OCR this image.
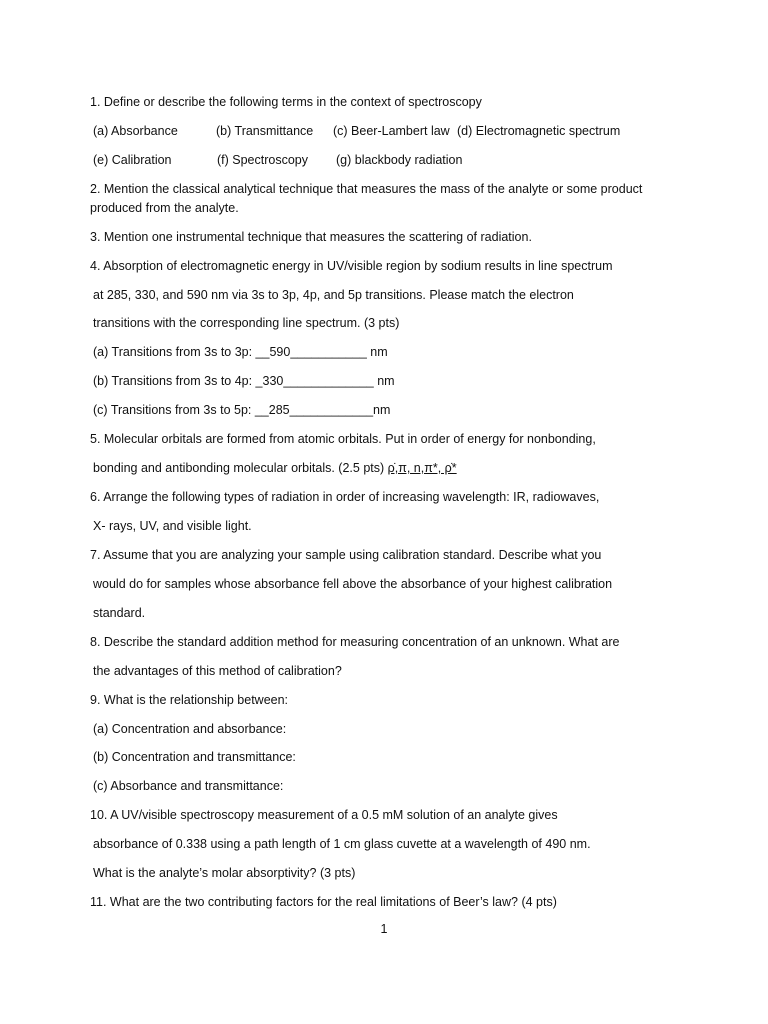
1. Define or describe the following terms in the context of spectroscopy
(a) Absorbance	(b) Transmittance (c) Beer-Lambert law (d) Electromagnetic spectrum
(e) Calibration	(f) Spectroscopy (g) blackbody radiation
2. Mention the classical analytical technique that measures the mass of the analyte or some product
produced from the analyte.
3. Mention one instrumental technique that measures the scattering of radiation.
4. Absorption of electromagnetic energy in UV/visible region by sodium results in line spectrum
at 285, 330, and 590 nm via 3s to 3p, 4p, and 5p transitions. Please match the electron
transitions with the corresponding line spectrum. (3 pts)
(a) Transitions from 3s to 3p: __590___________ nm
(b) Transitions from 3s to 4p: _330_____________ nm
(c) Transitions from 3s to 5p: __285____________nm
5. Molecular orbitals are formed from atomic orbitals. Put in order of energy for nonbonding,
bonding and antibonding molecular orbitals. (2.5 pts) ρ̇,π, n,π*, ρ̇*
6. Arrange the following types of radiation in order of increasing wavelength: IR, radiowaves,
X- rays, UV, and visible light.
7. Assume that you are analyzing your sample using calibration standard. Describe what you
would do for samples whose absorbance fell above the absorbance of your highest calibration
standard.
8. Describe the standard addition method for measuring concentration of an unknown. What are
the advantages of this method of calibration?
9. What is the relationship between:
(a) Concentration and absorbance:
(b) Concentration and transmittance:
(c) Absorbance and transmittance:
10. A UV/visible spectroscopy measurement of a 0.5 mM solution of an analyte gives
absorbance of 0.338 using a path length of 1 cm glass cuvette at a wavelength of 490 nm.
What is the analyte’s molar absorptivity? (3 pts)
11. What are the two contributing factors for the real limitations of Beer’s law? (4 pts)
1
